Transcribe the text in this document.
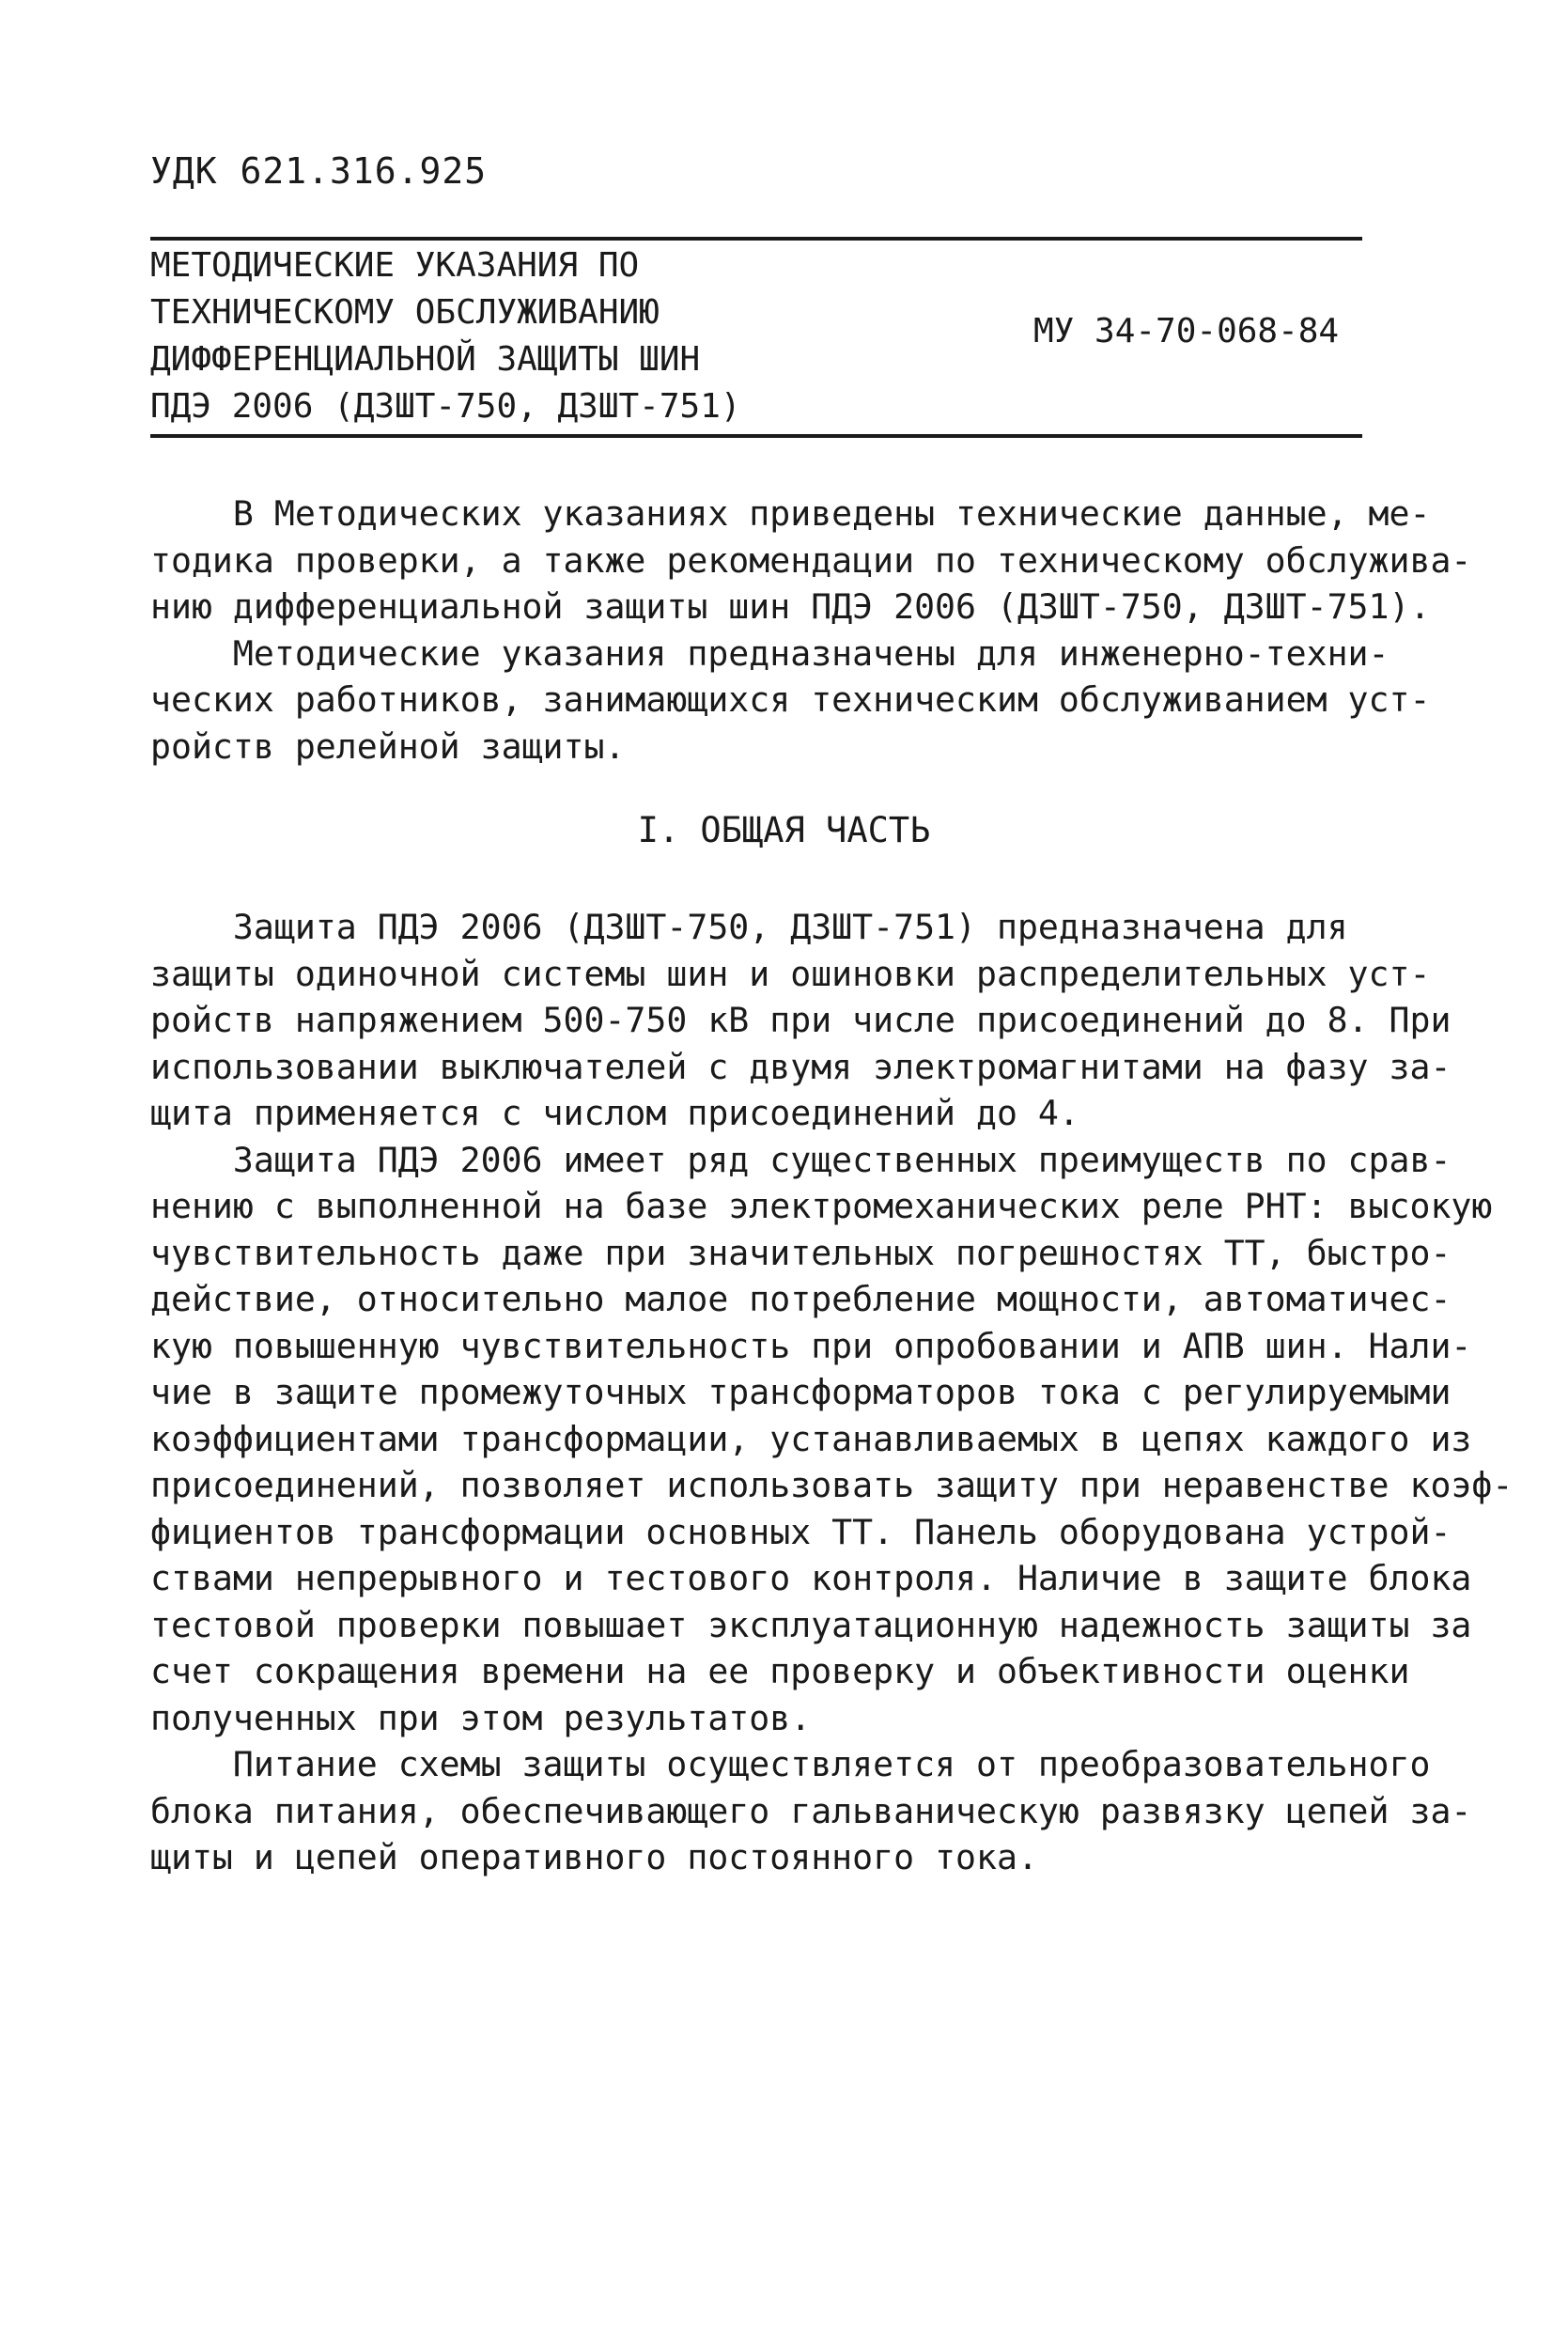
УДК 621.316.925
МЕТОДИЧЕСКИЕ УКАЗАНИЯ ПО
ТЕХНИЧЕСКОМУ ОБСЛУЖИВАНИЮ
ДИФФЕРЕНЦИАЛЬНОЙ ЗАЩИТЫ ШИН
ПДЭ 2006 (ДЗШТ-750, ДЗШТ-751)
МУ 34-70-068-84
В Методических указаниях приведены технические данные, ме-
тодика проверки, а также рекомендации по техническому обслужива-
нию дифференциальной защиты шин ПДЭ 2006 (ДЗШТ-750, ДЗШТ-751).
Методические указания предназначены для инженерно-техни-
ческих работников, занимающихся техническим обслуживанием уст-
ройств релейной защиты.
I. ОБЩАЯ ЧАСТЬ
Защита ПДЭ 2006 (ДЗШТ-750, ДЗШТ-751) предназначена для
защиты одиночной системы шин и ошиновки распределительных уст-
ройств напряжением 500-750 кВ при числе присоединений до 8. При
использовании выключателей с двумя электромагнитами на фазу за-
щита применяется с числом присоединений до 4.
Защита ПДЭ 2006 имеет ряд существенных преимуществ по срав-
нению с выполненной на базе электромеханических реле РНТ: высокую
чувствительность даже при значительных погрешностях ТТ, быстро-
действие, относительно малое потребление мощности, автоматичес-
кую повышенную чувствительность при опробовании и АПВ шин. Нали-
чие в защите промежуточных трансформаторов тока с регулируемыми
коэффициентами трансформации, устанавливаемых в цепях каждого из
присоединений, позволяет использовать защиту при неравенстве коэф-
фициентов трансформации основных ТТ. Панель оборудована устрой-
ствами непрерывного и тестового контроля. Наличие в защите блока
тестовой проверки повышает эксплуатационную надежность защиты за
счет сокращения времени на ее проверку и объективности оценки
полученных при этом результатов.
Питание схемы защиты осуществляется от преобразовательного
блока питания, обеспечивающего гальваническую развязку цепей за-
щиты и цепей оперативного постоянного тока.
